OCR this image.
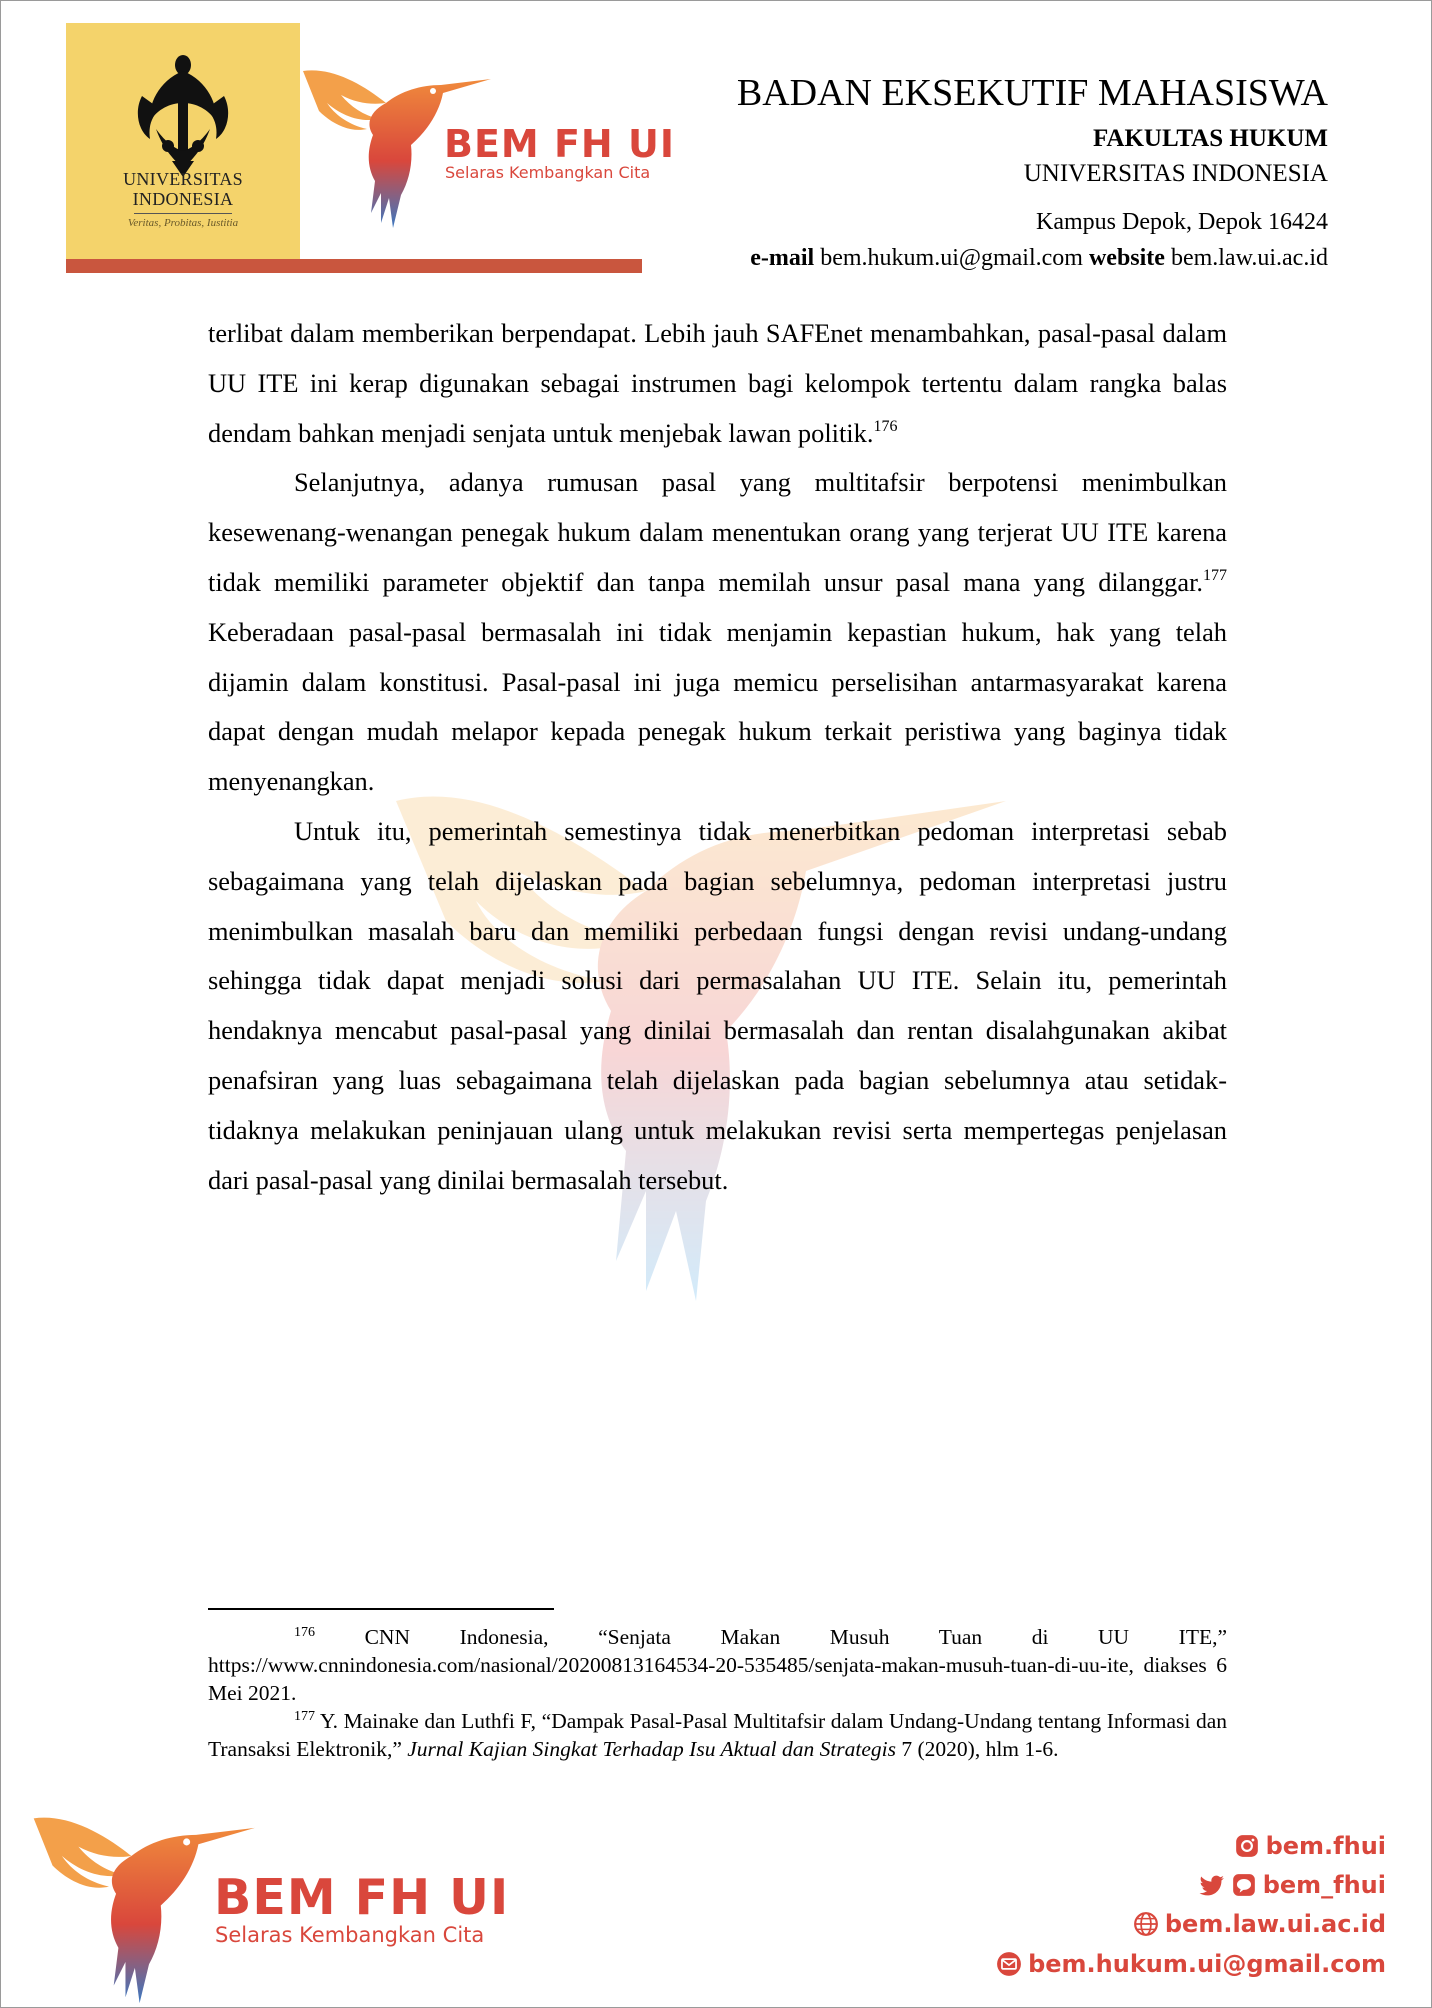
UNIVERSITAS
INDONESIA
Veritas, Probitas, Iustitia
BEM FH UI
Selaras Kembangkan Cita
BADAN EKSEKUTIF MAHASISWA
FAKULTAS HUKUM
UNIVERSITAS INDONESIA
Kampus Depok, Depok 16424
e-mail bem.hukum.ui@gmail.com website bem.law.ui.ac.id

terlibat dalam memberikan berpendapat. Lebih jauh SAFEnet menambahkan, pasal-pasal dalam UU ITE ini kerap digunakan sebagai instrumen bagi kelompok tertentu dalam rangka balas dendam bahkan menjadi senjata untuk menjebak lawan politik.$^{176}$

Selanjutnya, adanya rumusan pasal yang multitafsir berpotensi menimbulkan kesewenang-wenangan penegak hukum dalam menentukan orang yang terjerat UU ITE karena tidak memiliki parameter objektif dan tanpa memilah unsur pasal mana yang dilanggar.$^{177}$ Keberadaan pasal-pasal bermasalah ini tidak menjamin kepastian hukum, hak yang telah dijamin dalam konstitusi. Pasal-pasal ini juga memicu perselisihan antarmasyarakat karena dapat dengan mudah melapor kepada penegak hukum terkait peristiwa yang baginya tidak menyenangkan.

Untuk itu, pemerintah semestinya tidak menerbitkan pedoman interpretasi sebab sebagaimana yang telah dijelaskan pada bagian sebelumnya, pedoman interpretasi justru menimbulkan masalah baru dan memiliki perbedaan fungsi dengan revisi undang-undang sehingga tidak dapat menjadi solusi dari permasalahan UU ITE. Selain itu, pemerintah hendaknya mencabut pasal-pasal yang dinilai bermasalah dan rentan disalahgunakan akibat penafsiran yang luas sebagaimana telah dijelaskan pada bagian sebelumnya atau setidak-tidaknya melakukan peninjauan ulang untuk melakukan revisi serta mempertegas penjelasan dari pasal-pasal yang dinilai bermasalah tersebut.

$^{176}$ CNN Indonesia, “Senjata Makan Musuh Tuan di UU ITE,”

https://www.cnnindonesia.com/nasional/20200813164534-20-535485/senjata-makan-musuh-tuan-di-uu-ite, diakses 6 Mei 2021.

$^{177}$ Y. Mainake dan Luthfi F, “Dampak Pasal-Pasal Multitafsir dalam Undang-Undang tentang Informasi dan Transaksi Elektronik,” Jurnal Kajian Singkat Terhadap Isu Aktual dan Strategis 7 (2020), hlm 1-6.

BEM FH UI
Selaras Kembangkan Cita
bem.fhui
bem_fhui
bem.law.ui.ac.id
bem.hukum.ui@gmail.com
